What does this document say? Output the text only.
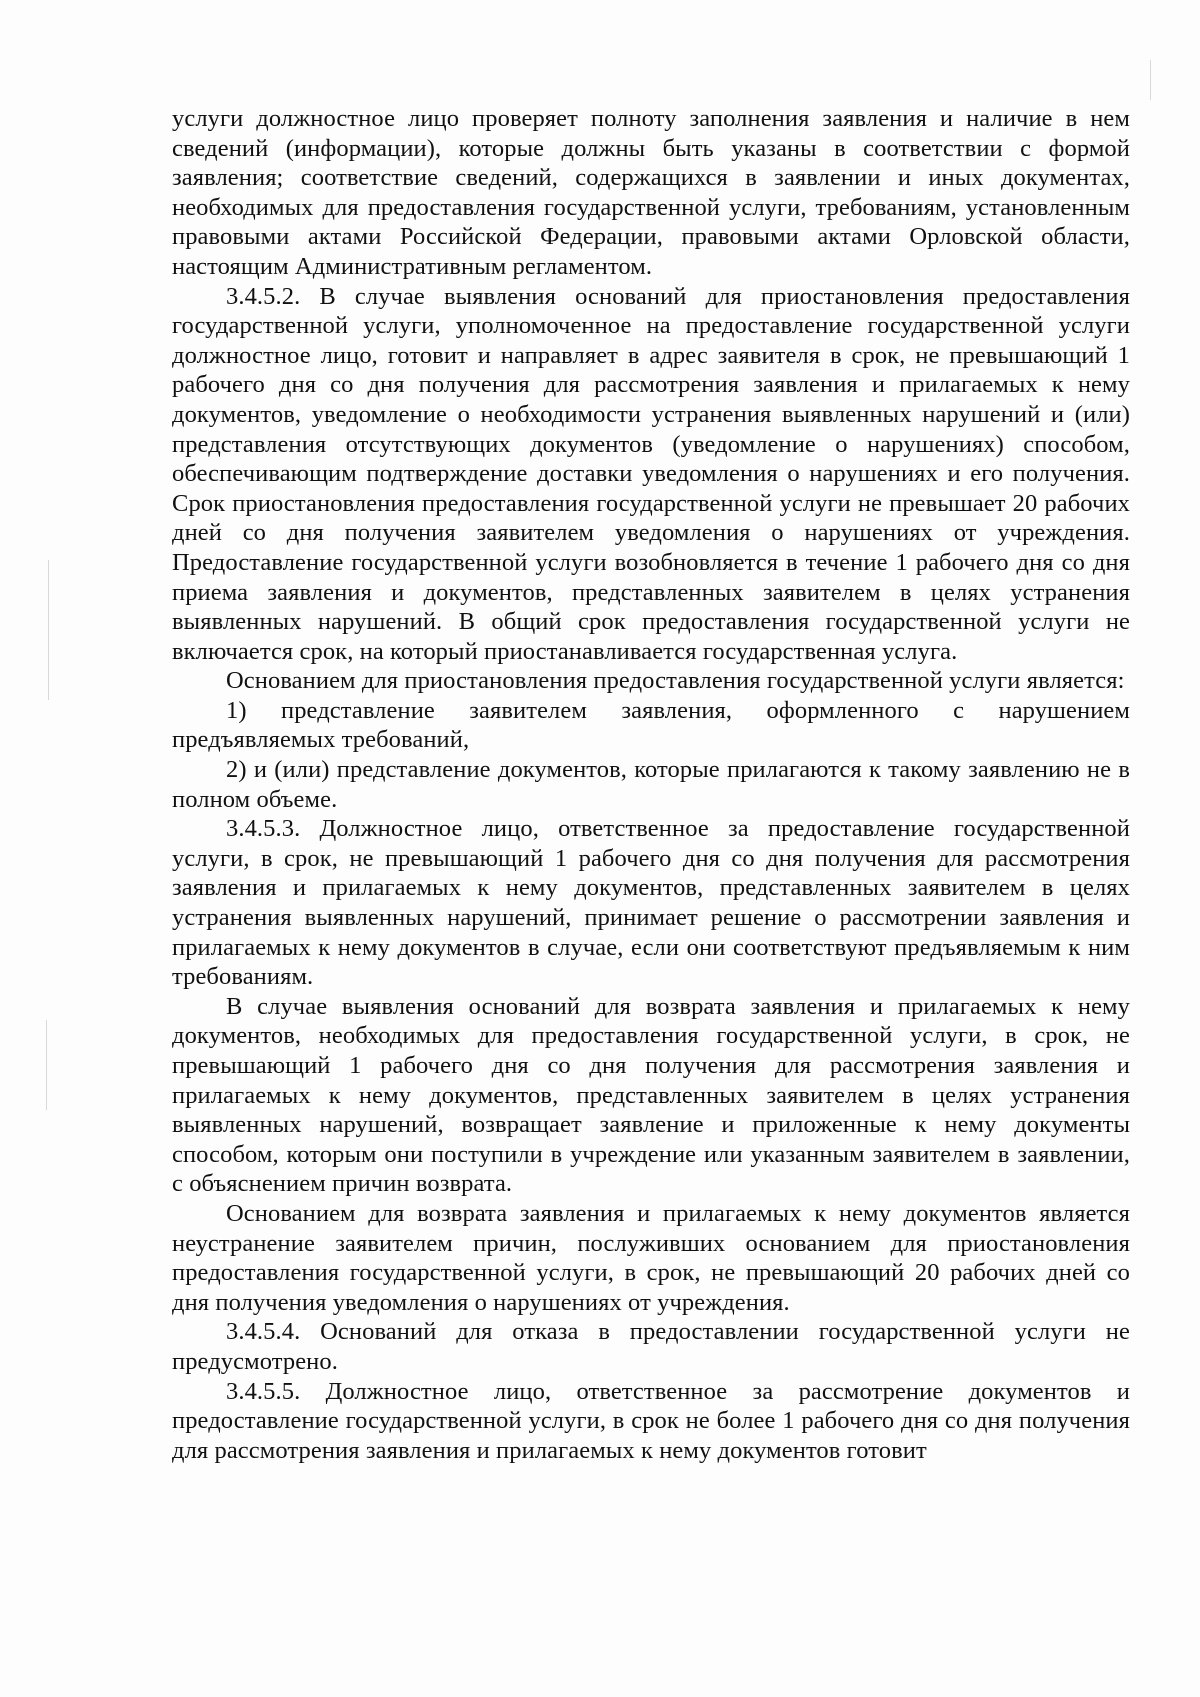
услуги должностное лицо проверяет полноту заполнения заявления и наличие в нем сведений (информации), которые должны быть указаны в соответствии с формой заявления; соответствие сведений, содержащихся в заявлении и иных документах, необходимых для предоставления государственной услуги, требованиям, установленным правовыми актами Российской Федерации, правовыми актами Орловской области, настоящим Административным регламентом.

3.4.5.2. В случае выявления оснований для приостановления предоставления государственной услуги, уполномоченное на предоставление государственной услуги должностное лицо, готовит и направляет в адрес заявителя в срок, не превышающий 1 рабочего дня со дня получения для рассмотрения заявления и прилагаемых к нему документов, уведомление о необходимости устранения выявленных нарушений и (или) представления отсутствующих документов (уведомление о нарушениях) способом, обеспечивающим подтверждение доставки уведомления о нарушениях и его получения. Срок приостановления предоставления государственной услуги не превышает 20 рабочих дней со дня получения заявителем уведомления о нарушениях от учреждения. Предоставление государственной услуги возобновляется в течение 1 рабочего дня со дня приема заявления и документов, представленных заявителем в целях устранения выявленных нарушений. В общий срок предоставления государственной услуги не включается срок, на который приостанавливается государственная услуга.

Основанием для приостановления предоставления государственной услуги является:

1) представление заявителем заявления, оформленного с нарушением предъявляемых требований,

2) и (или) представление документов, которые прилагаются к такому заявлению не в полном объеме.

3.4.5.3. Должностное лицо, ответственное за предоставление государственной услуги, в срок, не превышающий 1 рабочего дня со дня получения для рассмотрения заявления и прилагаемых к нему документов, представленных заявителем в целях устранения выявленных нарушений, принимает решение о рассмотрении заявления и прилагаемых к нему документов в случае, если они соответствуют предъявляемым к ним требованиям.

В случае выявления оснований для возврата заявления и прилагаемых к нему документов, необходимых для предоставления государственной услуги, в срок, не превышающий 1 рабочего дня со дня получения для рассмотрения заявления и прилагаемых к нему документов, представленных заявителем в целях устранения выявленных нарушений, возвращает заявление и приложенные к нему документы способом, которым они поступили в учреждение или указанным заявителем в заявлении, с объяснением причин возврата.

Основанием для возврата заявления и прилагаемых к нему документов является неустранение заявителем причин, послуживших основанием для приостановления предоставления государственной услуги, в срок, не превышающий 20 рабочих дней со дня получения уведомления о нарушениях от учреждения.

3.4.5.4. Оснований для отказа в предоставлении государственной услуги не предусмотрено.

3.4.5.5. Должностное лицо, ответственное за рассмотрение документов и предоставление государственной услуги, в срок не более 1 рабочего дня со дня получения для рассмотрения заявления и прилагаемых к нему документов готовит
